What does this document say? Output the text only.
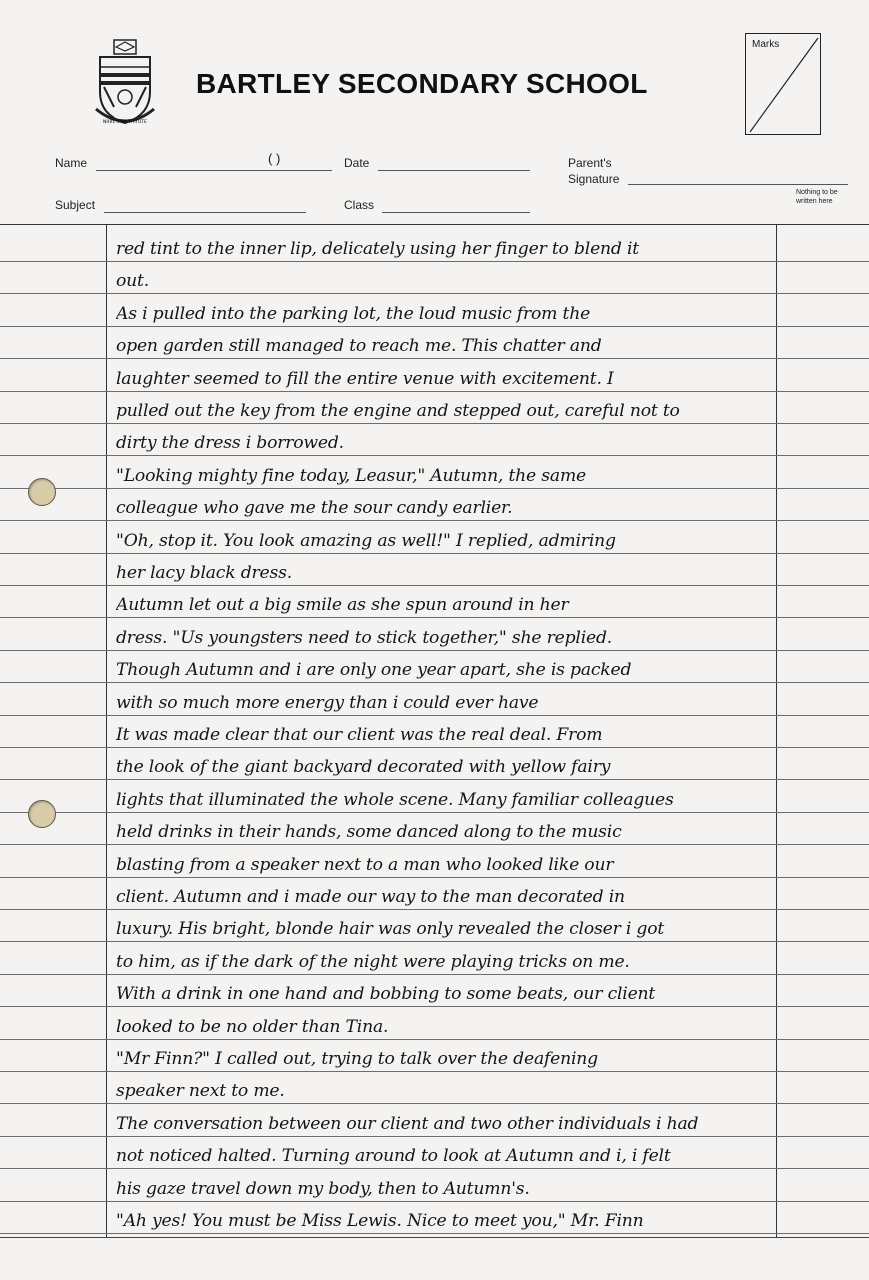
NIHIL NON VIRTUTE
BARTLEY SECONDARY SCHOOL
Marks
Name	( )	Date	Parent's
Signature
Subject	Class
Nothing to be written here
red tint to the inner lip, delicately using her finger to blend it
out.
As i pulled into the parking lot, the loud music from the
open garden still managed to reach me. This chatter and
laughter seemed to fill the entire venue with excitement. I
pulled out the key from the engine and stepped out, careful not to
dirty the dress i borrowed.
"Looking mighty fine today, Leasur," Autumn, the same
colleague who gave me the sour candy earlier.
"Oh, stop it. You look amazing as well!" I replied, admiring
her lacy black dress.
Autumn let out a big smile as she spun around in her
dress. "Us youngsters need to stick together," she replied.
Though Autumn and i are only one year apart, she is packed
with so much more energy than i could ever have
It was made clear that our client was the real deal. From
the look of the giant backyard decorated with yellow fairy
lights that illuminated the whole scene. Many familiar colleagues
held drinks in their hands, some danced along to the music
blasting from a speaker next to a man who looked like our
client. Autumn and i made our way to the man decorated in
luxury. His bright, blonde hair was only revealed the closer i got
to him, as if the dark of the night were playing tricks on me.
With a drink in one hand and bobbing to some beats, our client
looked to be no older than Tina.
"Mr Finn?" I called out, trying to talk over the deafening
speaker next to me.
The conversation between our client and two other individuals i had
not noticed halted. Turning around to look at Autumn and i, i felt
his gaze travel down my body, then to Autumn's.
"Ah yes! You must be Miss Lewis. Nice to meet you," Mr. Finn
